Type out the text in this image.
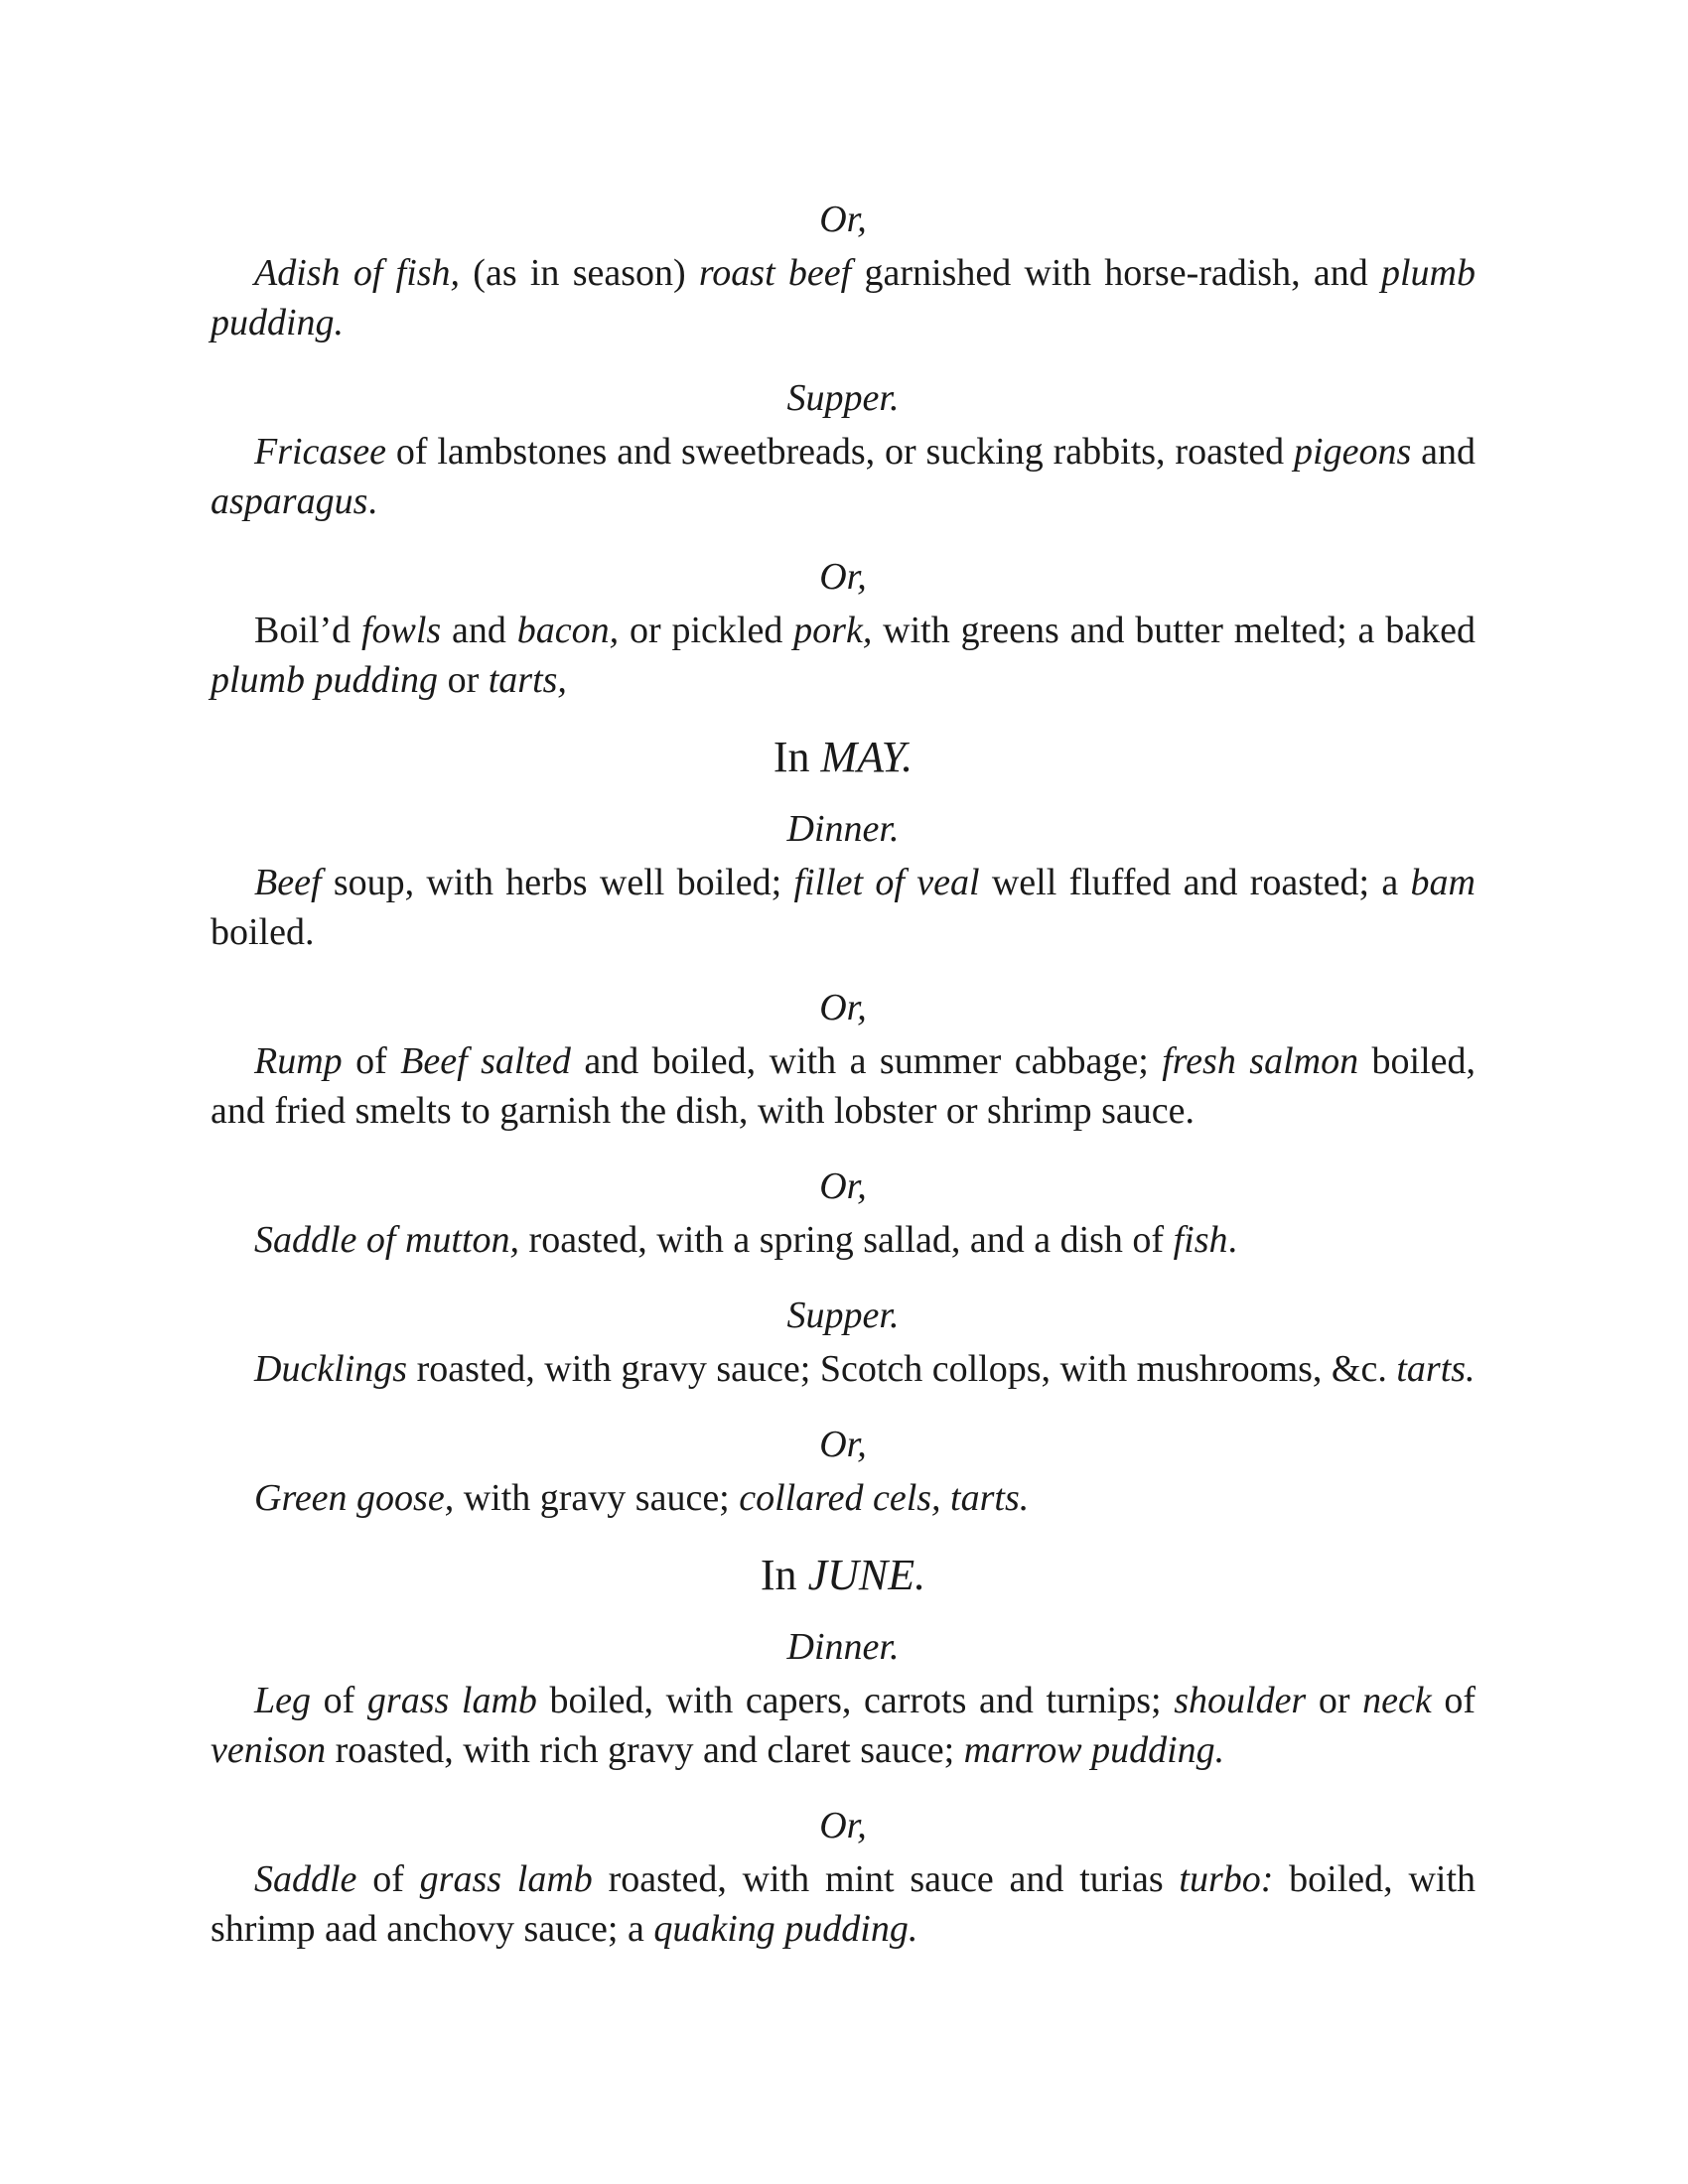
Or,
Adish of fish, (as in season) roast beef garnished with horse-radish, and plumb pudding.
Supper.
Fricasee of lambstones and sweetbreads, or sucking rabbits, roasted pigeons and asparagus.
Or,
Boil’d fowls and bacon, or pickled pork, with greens and butter melted; a baked plumb pudding or tarts,
In MAY.
Dinner.
Beef soup, with herbs well boiled; fillet of veal well fluffed and roasted; a bam boiled.
Or,
Rump of Beef salted and boiled, with a summer cabbage; fresh salmon boiled, and fried smelts to garnish the dish, with lobster or shrimp sauce.
Or,
Saddle of mutton, roasted, with a spring sallad, and a dish of fish.
Supper.
Ducklings roasted, with gravy sauce; Scotch collops, with mushrooms, &c. tarts.
Or,
Green goose, with gravy sauce; collared cels, tarts.
In JUNE.
Dinner.
Leg of grass lamb boiled, with capers, carrots and turnips; shoulder or neck of venison roasted, with rich gravy and claret sauce; marrow pudding.
Or,
Saddle of grass lamb roasted, with mint sauce and turias turbo: boiled, with shrimp aad anchovy sauce; a quaking pudding.
